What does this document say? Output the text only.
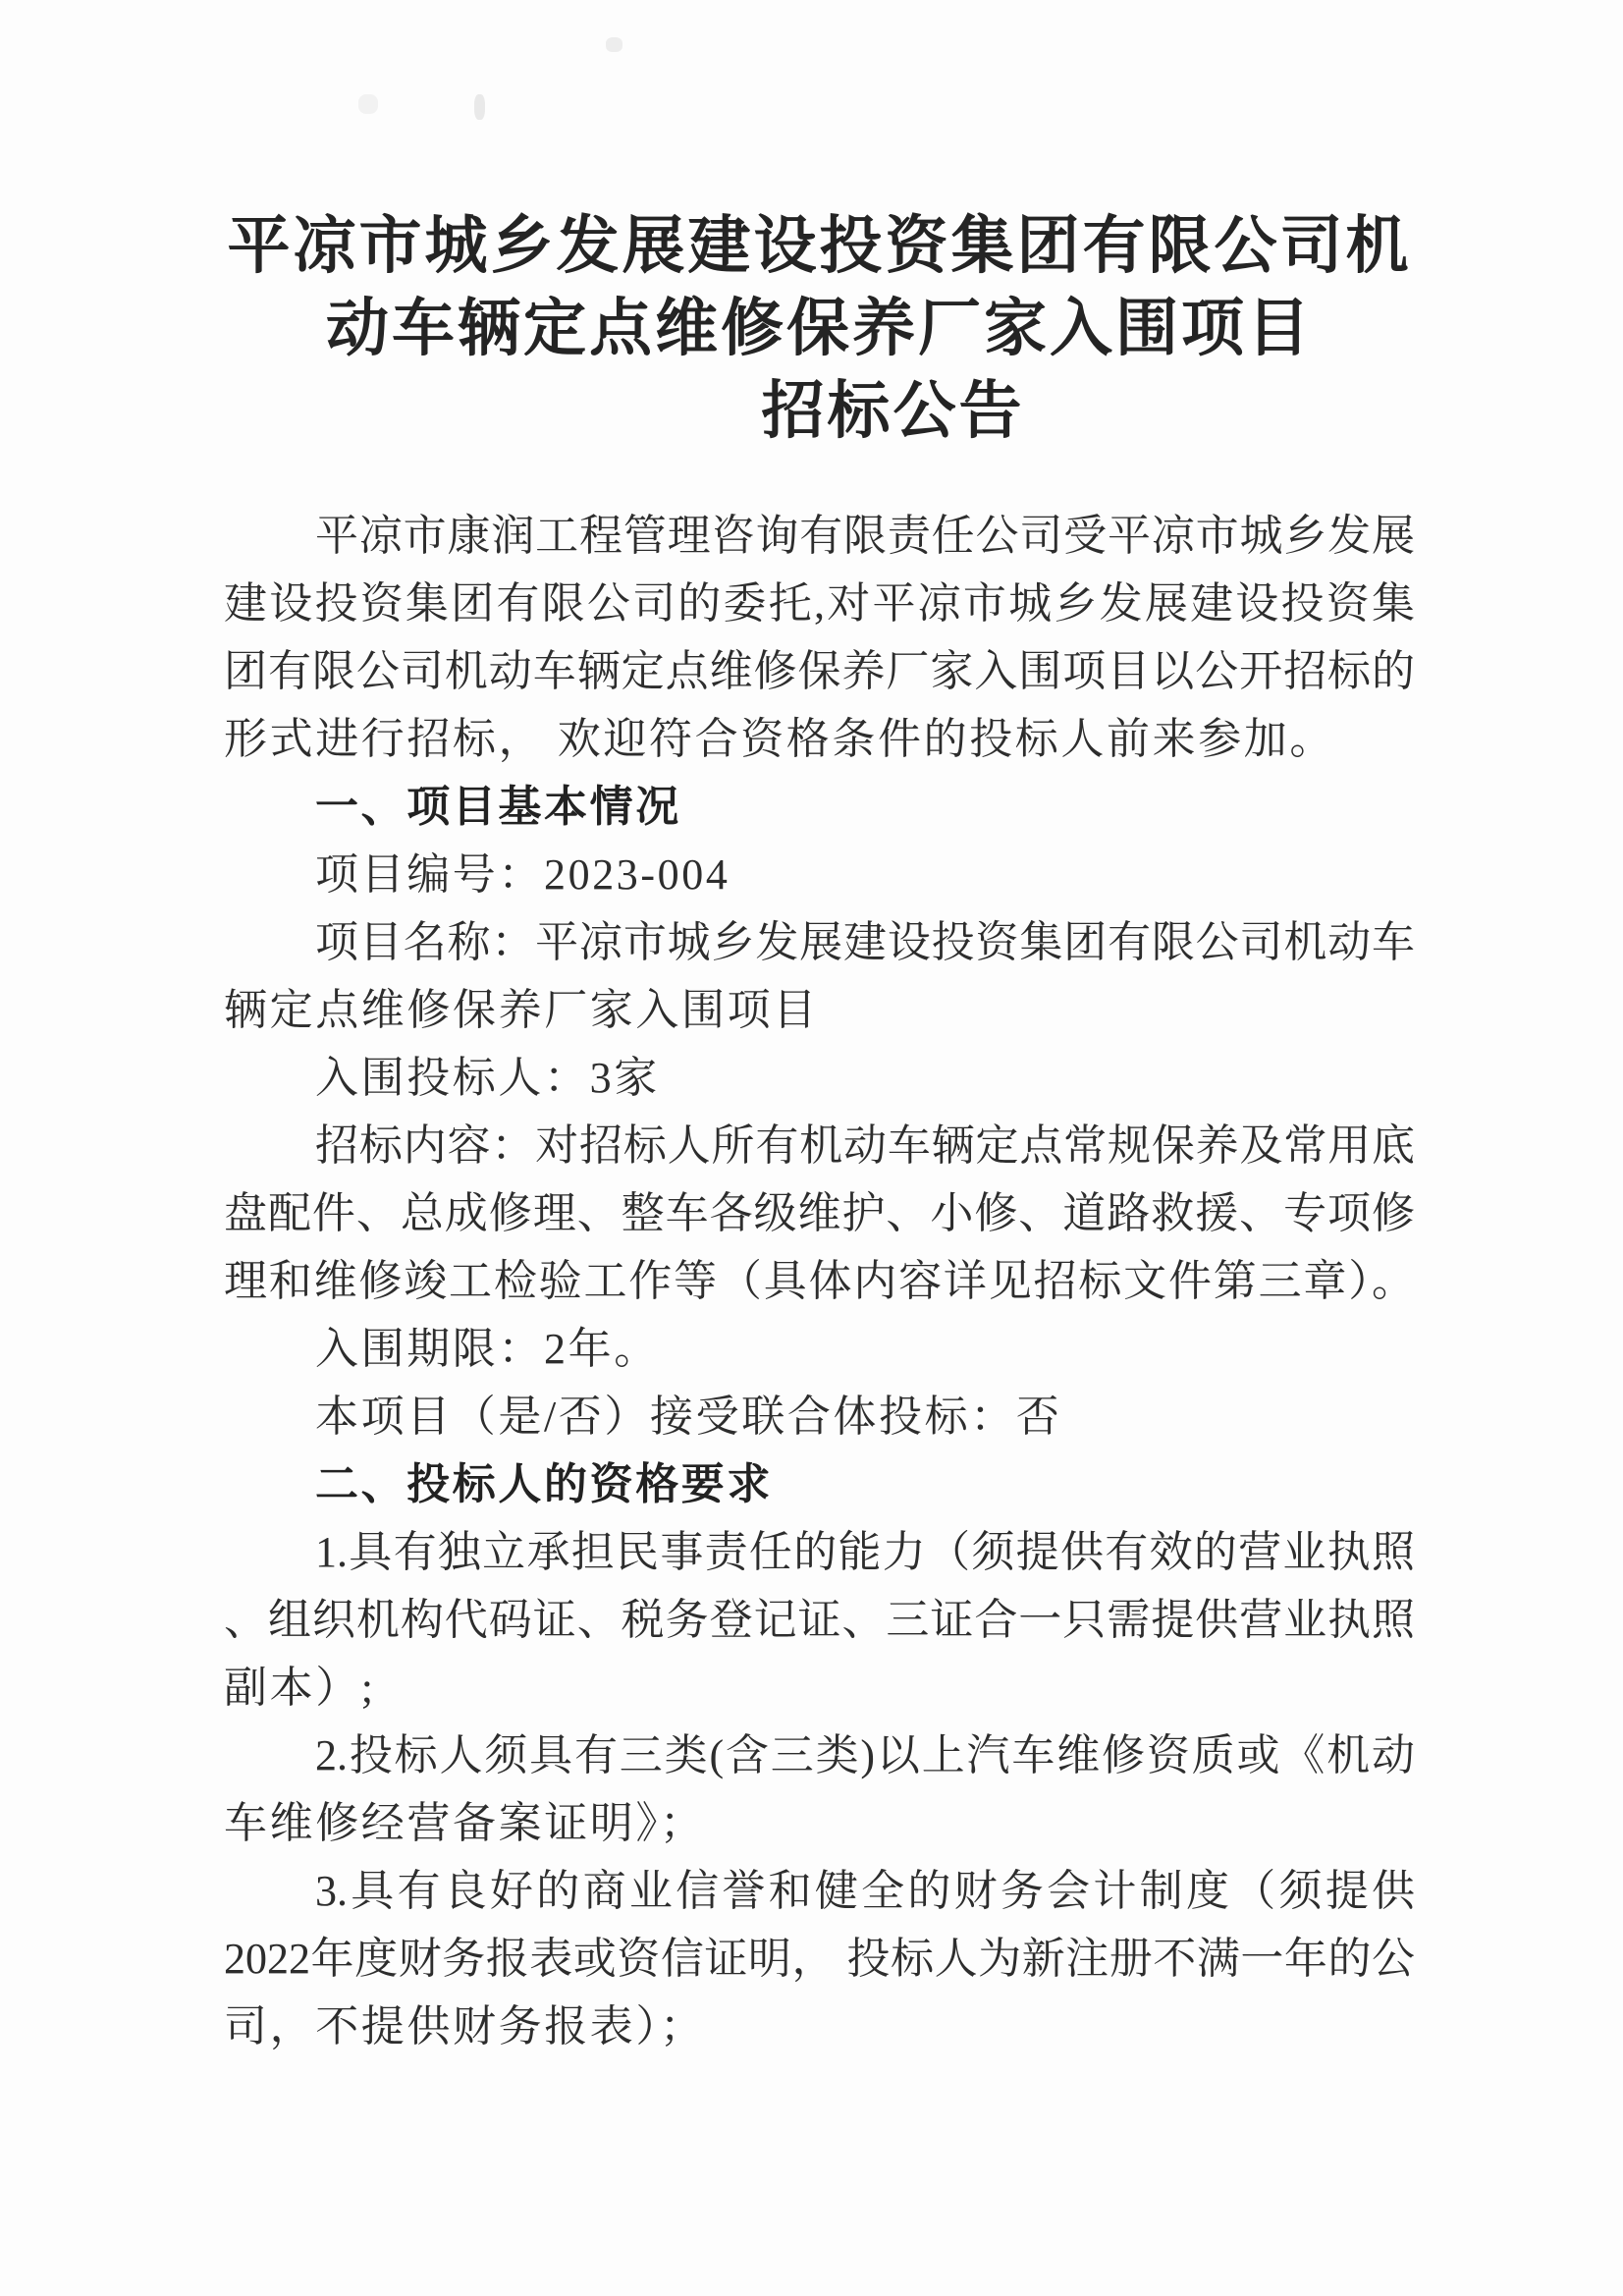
平凉市城乡发展建设投资集团有限公司机
动车辆定点维修保养厂家入围项目
招标公告
平凉市康润工程管理咨询有限责任公司受平凉市城乡发展
建设投资集团有限公司的委托,对平凉市城乡发展建设投资集
团有限公司机动车辆定点维修保养厂家入围项目以公开招标的
形式进行招标， 欢迎符合资格条件的投标人前来参加。
一、项目基本情况
项目编号：2023-004
项目名称：平凉市城乡发展建设投资集团有限公司机动车
辆定点维修保养厂家入围项目
入围投标人：3家
招标内容：对招标人所有机动车辆定点常规保养及常用底
盘配件、总成修理、整车各级维护、小修、道路救援、专项修
理和维修竣工检验工作等（具体内容详见招标文件第三章）。
入围期限：2年。
本项目（是/否）接受联合体投标：否
二、投标人的资格要求
1.具有独立承担民事责任的能力（须提供有效的营业执照
、组织机构代码证、税务登记证、三证合一只需提供营业执照
副本）;
2.投标人须具有三类(含三类)以上汽车维修资质或《机动
车维修经营备案证明》；
3.具有良好的商业信誉和健全的财务会计制度（须提供
2022年度财务报表或资信证明， 投标人为新注册不满一年的公
司，不提供财务报表）；
